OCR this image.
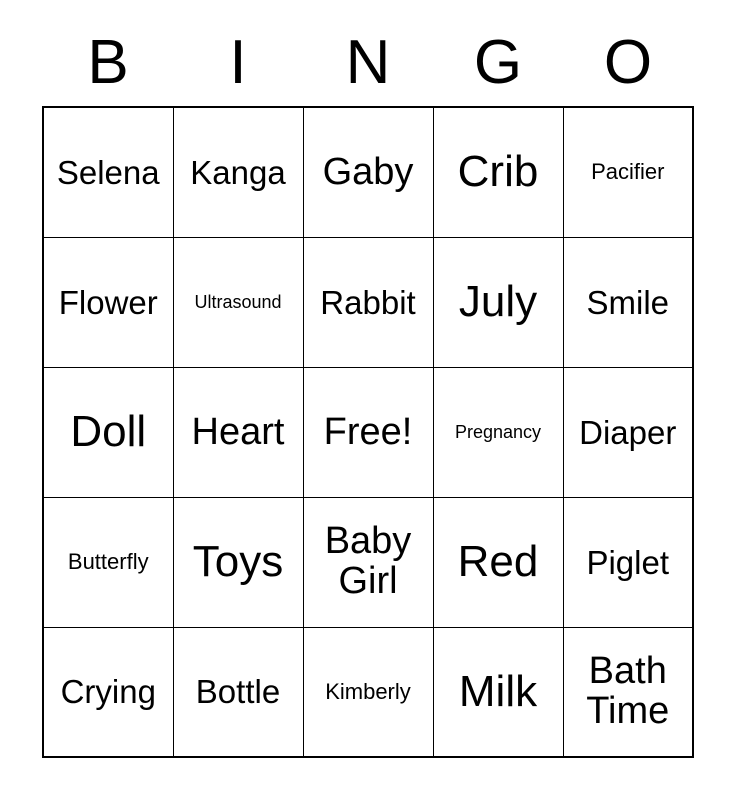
B	I	N	G	O
Selena	Kanga	Gaby	Crib	Pacifier

Flower	Ultrasound	Rabbit	July	Smile

Doll	Heart	Free!	Pregnancy	Diaper

Butterfly	Toys	Baby Girl	Red	Piglet

Crying	Bottle	Kimberly	Milk	Bath Time
